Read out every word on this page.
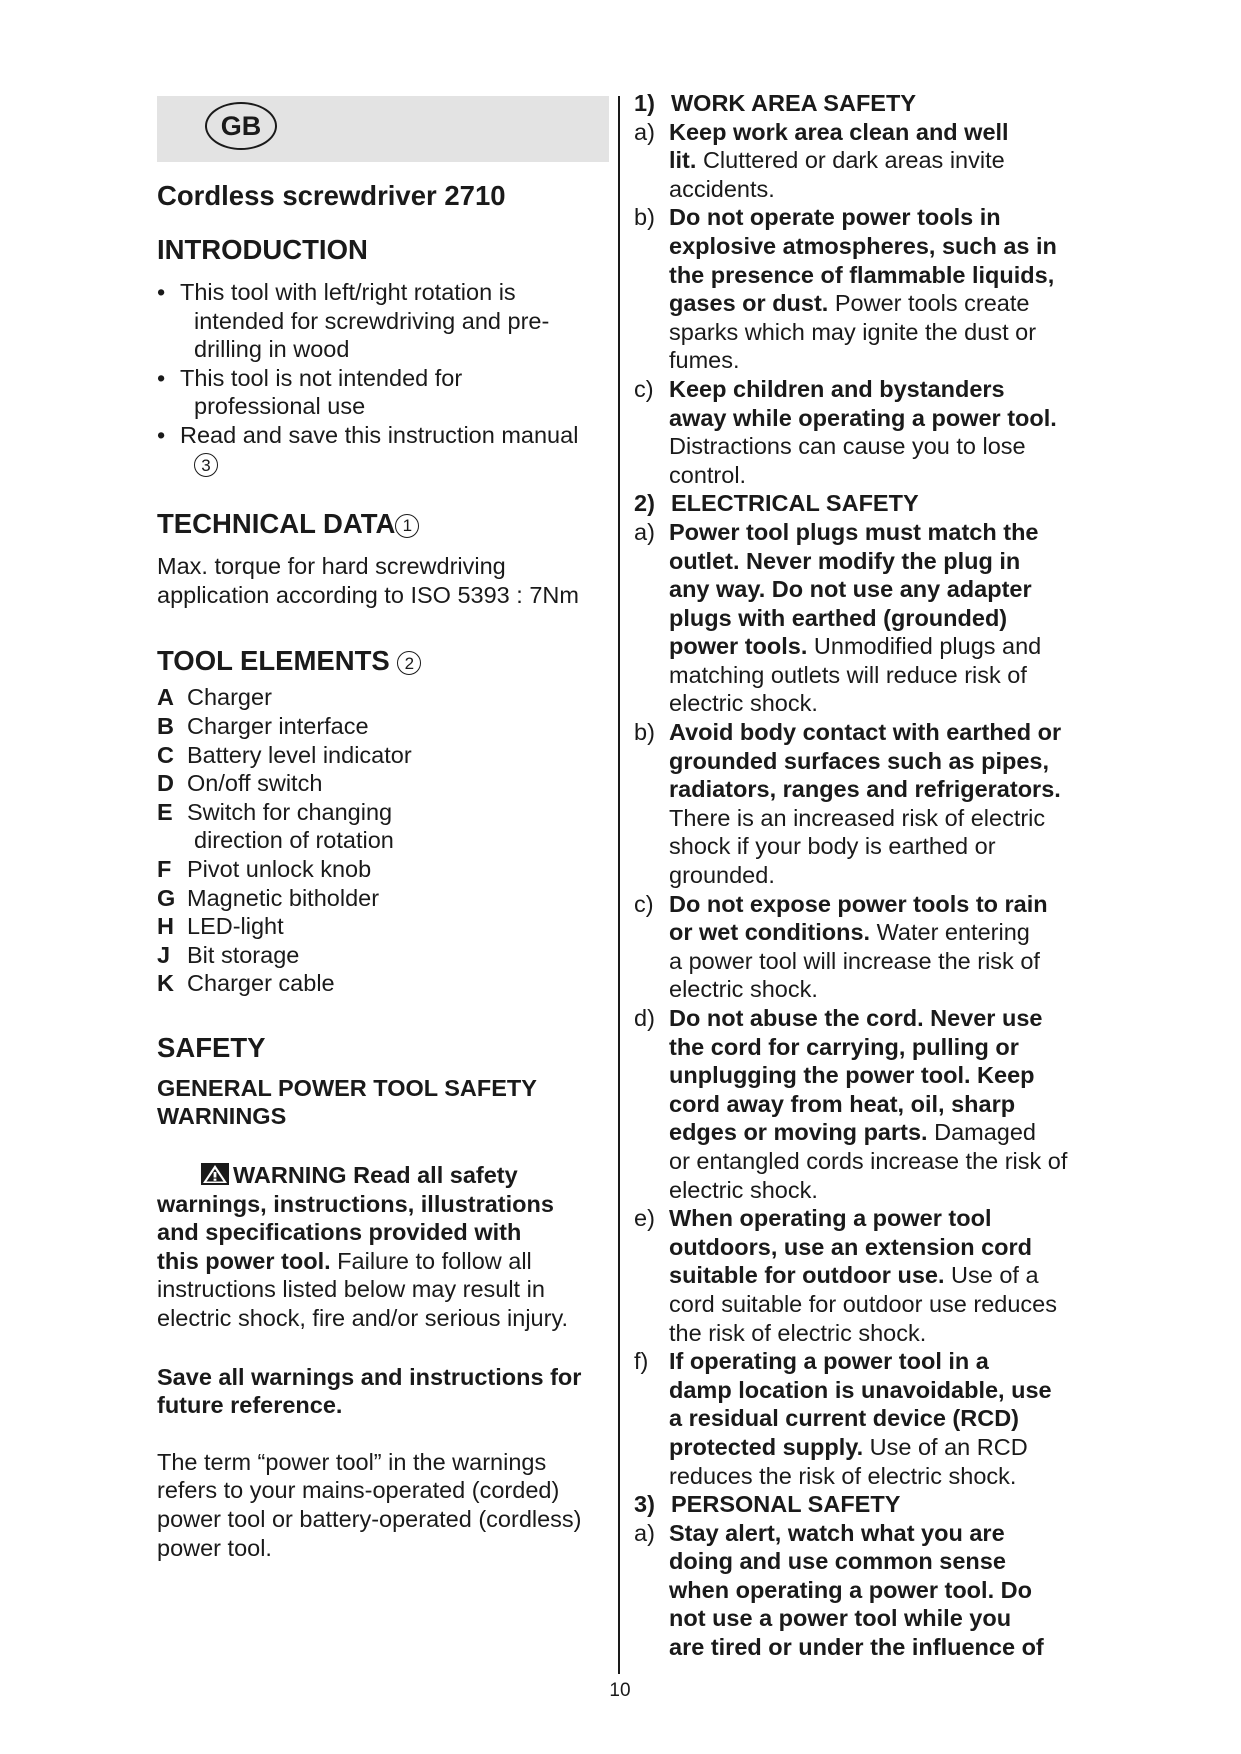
GB
Cordless screwdriver 2710
INTRODUCTION
• This tool with left/right rotation is
intended for screwdriving and pre-
drilling in wood
• This tool is not intended for
professional use
• Read and save this instruction manual
3
TECHNICAL DATA 1
Max. torque for hard screwdriving
application according to ISO 5393 : 7Nm
TOOL ELEMENTS 2
A Charger
B Charger interface
C Battery level indicator
D On/off switch
E Switch for changing
direction of rotation
F Pivot unlock knob
G Magnetic bitholder
H LED-light
J Bit storage
K Charger cable
SAFETY
GENERAL POWER TOOL SAFETY
WARNINGS
WARNING Read all safety
warnings, instructions, illustrations
and specifications provided with
this power tool. Failure to follow all
instructions listed below may result in
electric shock, fire and/or serious injury.
Save all warnings and instructions for
future reference.
The term “power tool” in the warnings
refers to your mains-operated (corded)
power tool or battery-operated (cordless)
power tool.
1) WORK AREA SAFETY
a) Keep work area clean and well
lit. Cluttered or dark areas invite
accidents.
b) Do not operate power tools in
explosive atmospheres, such as in
the presence of flammable liquids,
gases or dust. Power tools create
sparks which may ignite the dust or
fumes.
c) Keep children and bystanders
away while operating a power tool.
Distractions can cause you to lose
control.
2) ELECTRICAL SAFETY
a) Power tool plugs must match the
outlet. Never modify the plug in
any way. Do not use any adapter
plugs with earthed (grounded)
power tools. Unmodified plugs and
matching outlets will reduce risk of
electric shock.
b) Avoid body contact with earthed or
grounded surfaces such as pipes,
radiators, ranges and refrigerators.
There is an increased risk of electric
shock if your body is earthed or
grounded.
c) Do not expose power tools to rain
or wet conditions. Water entering
a power tool will increase the risk of
electric shock.
d) Do not abuse the cord. Never use
the cord for carrying, pulling or
unplugging the power tool. Keep
cord away from heat, oil, sharp
edges or moving parts. Damaged
or entangled cords increase the risk of
electric shock.
e) When operating a power tool
outdoors, use an extension cord
suitable for outdoor use. Use of a
cord suitable for outdoor use reduces
the risk of electric shock.
f) If operating a power tool in a
damp location is unavoidable, use
a residual current device (RCD)
protected supply. Use of an RCD
reduces the risk of electric shock.
3) PERSONAL SAFETY
a) Stay alert, watch what you are
doing and use common sense
when operating a power tool. Do
not use a power tool while you
are tired or under the influence of
10
